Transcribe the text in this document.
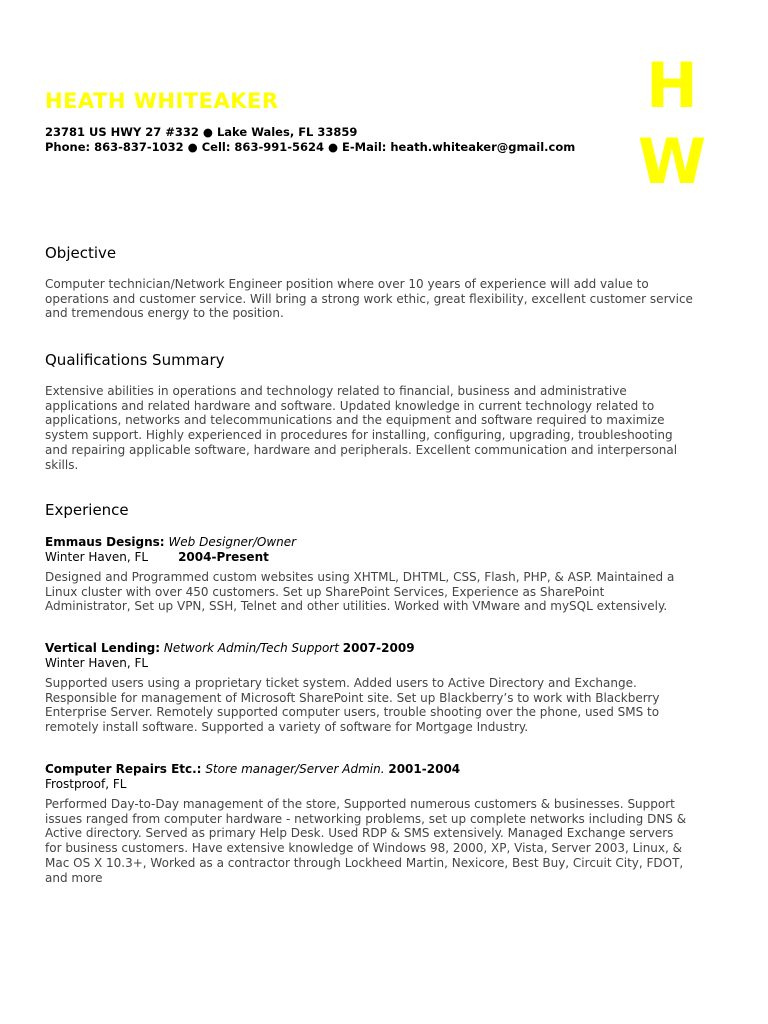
HEATH WHITEAKER
23781 US HWY 27 #332 ● Lake Wales, FL 33859
Phone: 863-837-1032 ● Cell: 863-991-5624 ● E-Mail: heath.whiteaker@gmail.com
H
W
Objective
Computer technician/Network Engineer position where over 10 years of experience will add value to
operations and customer service. Will bring a strong work ethic, great flexibility, excellent customer service
and tremendous energy to the position.
Qualifications Summary
Extensive abilities in operations and technology related to financial, business and administrative
applications and related hardware and software. Updated knowledge in current technology related to
applications, networks and telecommunications and the equipment and software required to maximize
system support. Highly experienced in procedures for installing, configuring, upgrading, troubleshooting
and repairing applicable software, hardware and peripherals. Excellent communication and interpersonal
skills.
Experience
Emmaus Designs: Web Designer/Owner
Winter Haven, FL	2004-Present
Designed and Programmed custom websites using XHTML, DHTML, CSS, Flash, PHP, & ASP. Maintained a
Linux cluster with over 450 customers. Set up SharePoint Services, Experience as SharePoint
Administrator, Set up VPN, SSH, Telnet and other utilities. Worked with VMware and mySQL extensively.
Vertical Lending: Network Admin/Tech Support 2007-2009
Winter Haven, FL
Supported users using a proprietary ticket system. Added users to Active Directory and Exchange.
Responsible for management of Microsoft SharePoint site. Set up Blackberry’s to work with Blackberry
Enterprise Server. Remotely supported computer users, trouble shooting over the phone, used SMS to
remotely install software. Supported a variety of software for Mortgage Industry.
Computer Repairs Etc.: Store manager/Server Admin. 2001-2004
Frostproof, FL
Performed Day-to-Day management of the store, Supported numerous customers & businesses. Support
issues ranged from computer hardware - networking problems, set up complete networks including DNS &
Active directory. Served as primary Help Desk. Used RDP & SMS extensively. Managed Exchange servers
for business customers. Have extensive knowledge of Windows 98, 2000, XP, Vista, Server 2003, Linux, &
Mac OS X 10.3+, Worked as a contractor through Lockheed Martin, Nexicore, Best Buy, Circuit City, FDOT,
and more
